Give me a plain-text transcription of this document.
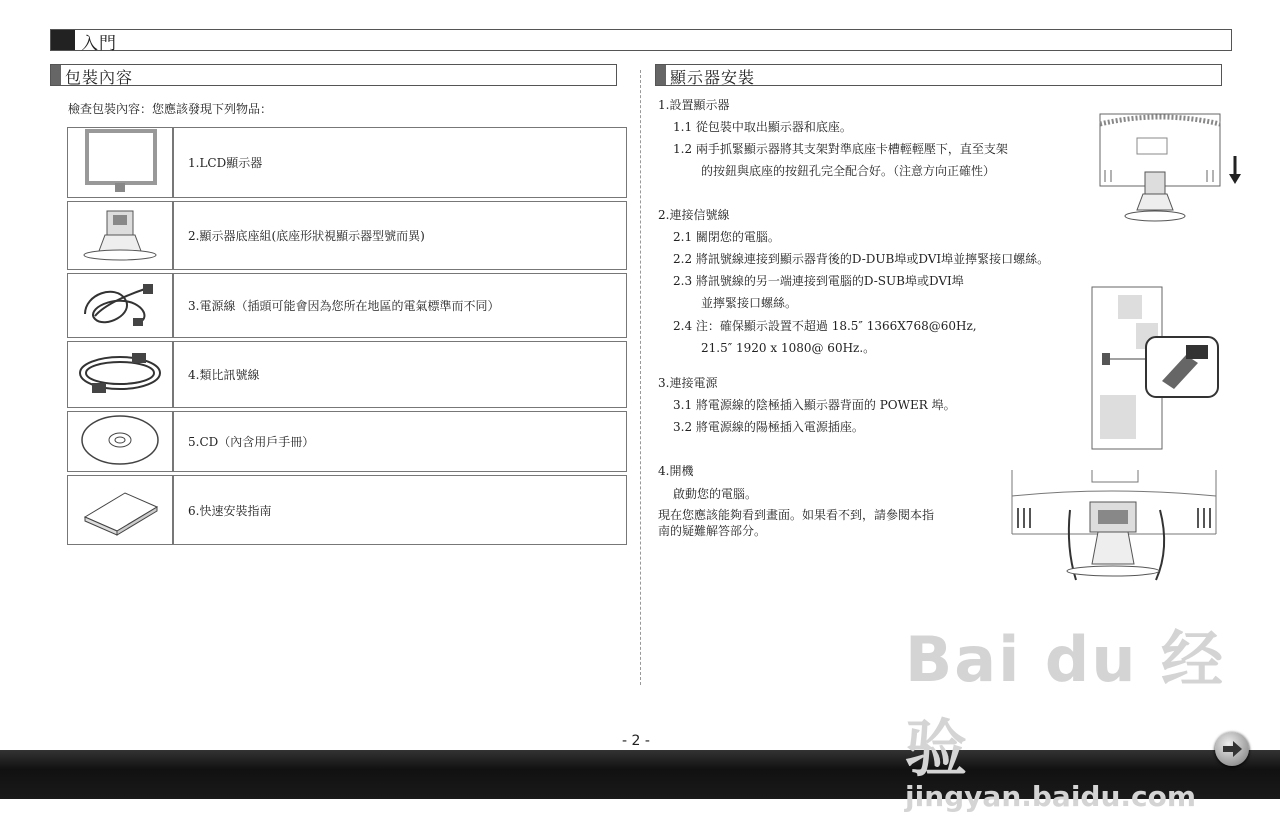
入門
包裝內容
檢查包裝內容：您應該發現下列物品：
	1.LCD顯示器
	2.顯示器底座組(底座形狀視顯示器型號而異)
	3.電源線（插頭可能會因為您所在地區的電氣標準而不同）
	4.類比訊號線
	5.CD（內含用戶手冊）
	6.快速安裝指南
顯示器安裝
1.設置顯示器
1.1 從包裝中取出顯示器和底座。
1.2 兩手抓緊顯示器將其支架對準底座卡槽輕輕壓下，直至支架
的按鈕與底座的按鈕孔完全配合好。（注意方向正確性）
2.連接信號線
2.1 關閉您的電腦。
2.2 將訊號線連接到顯示器背後的D-DUB埠或DVI埠並擰緊接口螺絲。
2.3 將訊號線的另一端連接到電腦的D-SUB埠或DVI埠
並擰緊接口螺絲。
2.4 注：確保顯示設置不超過 18.5″ 1366X768@60Hz,
21.5″ 1920 x 1080@ 60Hz.。
3.連接電源
3.1 將電源線的陰極插入顯示器背面的 POWER 埠。
3.2 將電源線的陽極插入電源插座。
4.開機
啟動您的電腦。
現在您應該能夠看到畫面。如果看不到，請參閱本指
南的疑難解答部分。
- 2 -
Bai du 经验
jingyan.baidu.com
